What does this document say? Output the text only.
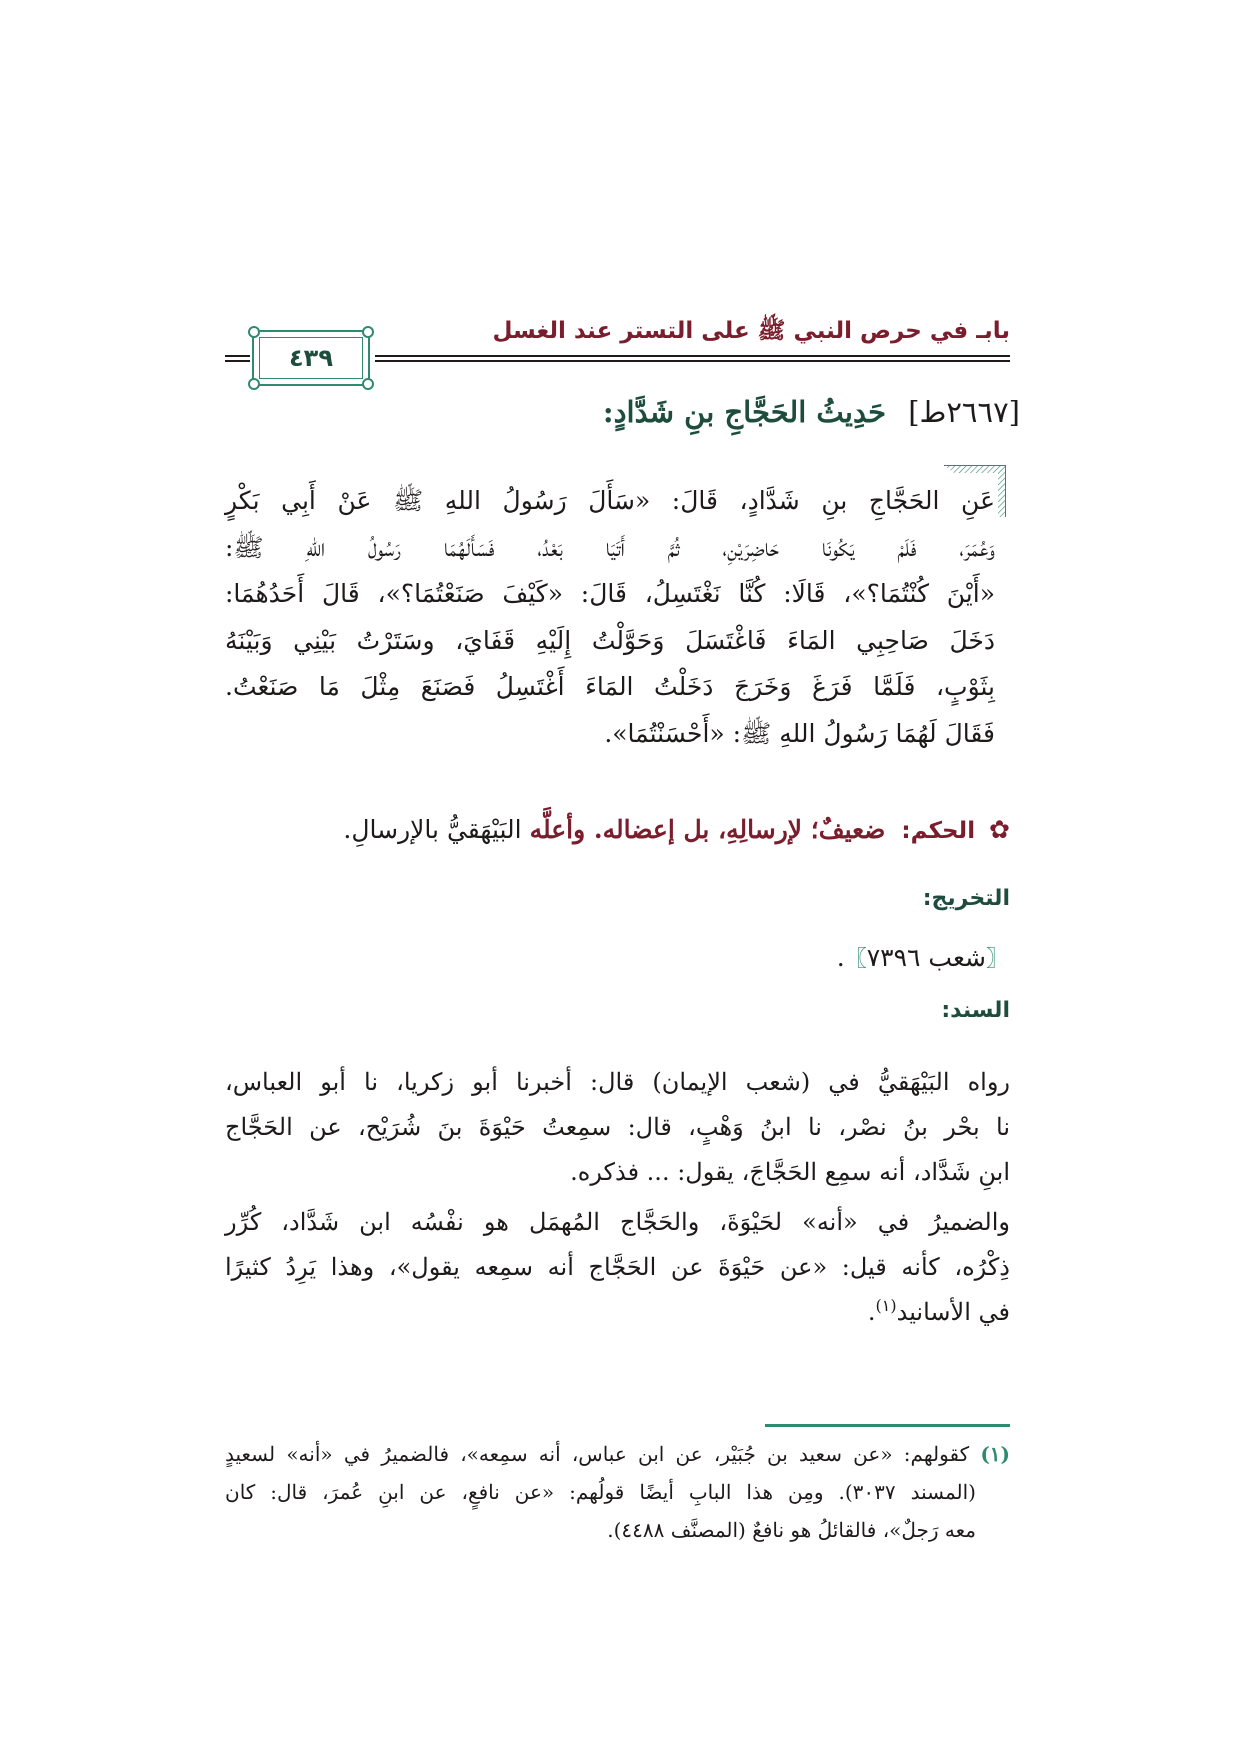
بابـ في حرص النبي ﷺ على التستر عند الغسل
٤٣٩
[٢٦٦٧ط] حَدِيثُ الحَجَّاجِ بنِ شَدَّادٍ:
عَنِ الحَجَّاجِ بنِ شَدَّادٍ، قَالَ: «سَأَلَ رَسُولُ اللهِ ﷺ عَنْ أَبِي بَكْرٍ
وَعُمَرَ، فَلَمْ يَكُونَا حَاضِرَيْنِ، ثُمَّ أَتَيَا بَعْدُ، فَسَأَلَهُمَا رَسُولُ اللهِ ﷺ:
«أَيْنَ كُنْتُمَا؟»، قَالَا: كُنَّا نَغْتَسِلُ، قَالَ: «كَيْفَ صَنَعْتُمَا؟»، قَالَ أَحَدُهُمَا:
دَخَلَ صَاحِبِي المَاءَ فَاغْتَسَلَ وَحَوَّلْتُ إِلَيْهِ قَفَايَ، وسَتَرْتُ بَيْنِي وَبَيْنَهُ
بِثَوْبٍ، فَلَمَّا فَرَغَ وَخَرَجَ دَخَلْتُ المَاءَ أَغْتَسِلُ فَصَنَعَ مِثْلَ مَا صَنَعْتُ.
فَقَالَ لَهُمَا رَسُولُ اللهِ ﷺ: «أَحْسَنْتُمَا».
✿ الحكم: ضعيفٌ؛ لإرسالِهِ، بل إعضاله. وأعلَّه البَيْهَقيُّ بالإرسالِ.
التخريج:
〖شعب ٧٣٩٦〗.
السند:
رواه البَيْهَقيُّ في (شعب الإيمان) قال: أخبرنا أبو زكريا، نا أبو العباس،
نا بحْر بنُ نصْر، نا ابنُ وَهْبٍ، قال: سمِعتُ حَيْوَةَ بنَ شُرَيْح، عن الحَجَّاج
ابنِ شَدَّاد، أنه سمِع الحَجَّاجَ، يقول: ... فذكره.
والضميرُ في «أنه» لحَيْوَةَ، والحَجَّاج المُهمَل هو نفْسُه ابن شَدَّاد، كُرِّر
ذِكْرُه، كأنه قيل: «عن حَيْوَةَ عن الحَجَّاج أنه سمِعه يقول»، وهذا يَرِدُ كثيرًا
في الأسانيد$^{(١)}$.
(١) كقولهم: «عن سعيد بن جُبَيْر، عن ابن عباس، أنه سمِعه»، فالضميرُ في «أنه» لسعيدٍ
(المسند ٣٠٣٧). ومِن هذا البابِ أيضًا قولُهم: «عن نافعٍ، عن ابنِ عُمرَ، قال: كان
معه رَجلٌ»، فالقائلُ هو نافعٌ (المصنَّف ٤٤٨٨).
